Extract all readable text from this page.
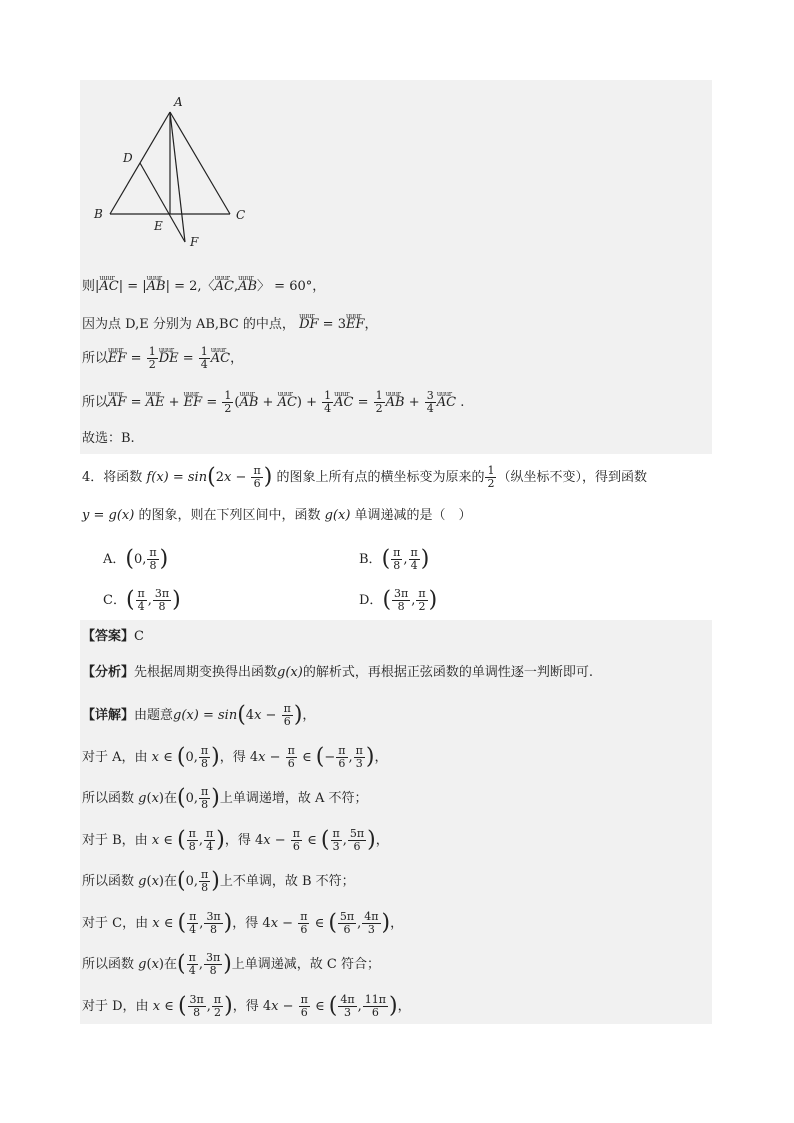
A
B	C
D
E
F
则|uuur AC| = |uuur AB| = 2,〈uuur AC,uuur AB〉 = 60°，
因为点 D,E 分别为 AB,BC 的中点， uuur DF = 3uuur EF，
所以uuur EF = $\frac{1}{2}$ uuur DE = $\frac{1}{4}$ uuur AC，
所以uuur AF = uuur AE + uuur EF = $\frac{1}{2}$ (uuur AB + uuur $AC) + \frac{1}{4}$ uuur AC = $\frac{1}{2}$ uuur AB + $\frac{3}{4}$ uuur AC .
故选：B.
4．将函数 $f(x) = \sin(2x - \frac{\pi}{6}$ ) 的图象上所有点的横坐标变为原来的 $\frac{1}{2}$ （纵坐标不变），得到函数
y = g(x) 的图象，则在下列区间中，函数 g(x) 单调递减的是（　）
A．(0, $\frac{\pi}{8}$ )	B．( $\frac{\pi}{8}$ , $\frac{\pi}{4}$ )
C．( $\frac{\pi}{4}$ , $\frac{3\pi}{8}$ )	D．( $\frac{3\pi}{8}$ , $\frac{\pi}{2}$ )
【答案】C
【分析】先根据周期变换得出函数g(x)的解析式，再根据正弦函数的单调性逐一判断即可.
【详解】由题意$g(x) = \sin(4x - \frac{\pi}{6}$ )，
对于 A，由 x ∈ (0, $\frac{\pi}{8}$ )，得 $4x - \frac{\pi}{6}$ ∈ (− $\frac{\pi}{6}$ , $\frac{\pi}{3}$ )，
所以函数 g(x)在(0, $\frac{\pi}{8}$ )上单调递增，故 A 不符；
对于 B，由 x ∈ ( $\frac{\pi}{8}$ , $\frac{\pi}{4}$ )，得 $4x - \frac{\pi}{6}$ ∈ ( $\frac{\pi}{3}$ , $\frac{5\pi}{6}$ )，
所以函数 g(x)在(0, $\frac{\pi}{8}$ )上不单调，故 B 不符；
对于 C，由 x ∈ ( $\frac{\pi}{4}$ , $\frac{3\pi}{8}$ )，得 $4x - \frac{\pi}{6}$ ∈ ( $\frac{5\pi}{6}$ , $\frac{4\pi}{3}$ )，
所以函数 g(x)在( $\frac{\pi}{4}$ , $\frac{3\pi}{8}$ )上单调递减，故 C 符合；
对于 D，由 x ∈ ( $\frac{3\pi}{8}$ , $\frac{\pi}{2}$ )，得 $4x - \frac{\pi}{6}$ ∈ ( $\frac{4\pi}{3}$ , $\frac{11\pi}{6}$ )，
